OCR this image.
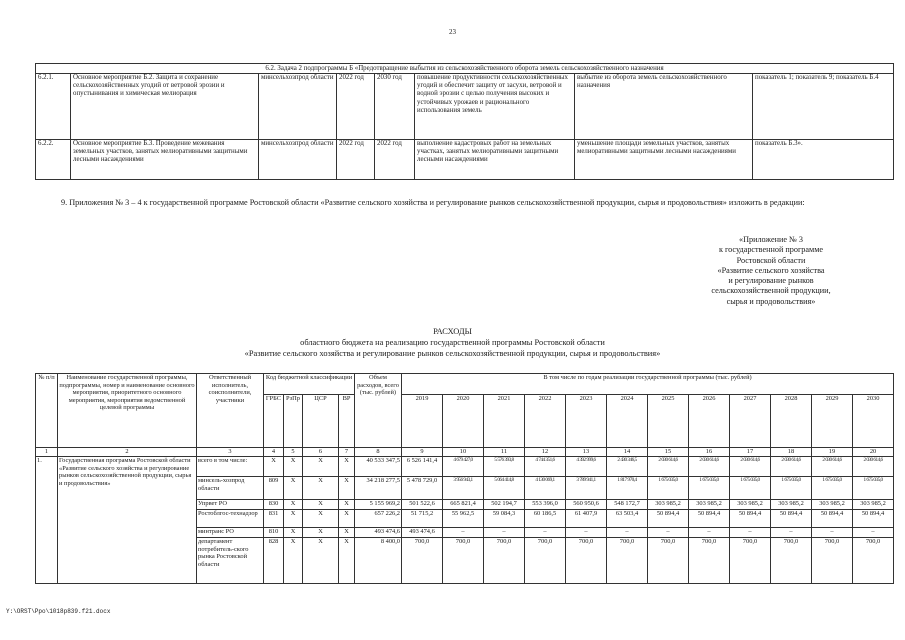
23
6.2. Задача 2 подпрограммы Б «Предотвращение выбытия из сельскохозяйственного оборота земель сельскохозяйственного назначения							
6.2.1.	Основное мероприятие Б.2. Защита и сохранение сельскохозяйственных угодий от ветровой эрозии и опустынивания и химическая мелиорация	минсельхозпрод области	2022 год	2030 год	повышение продуктивности сельскохозяйственных угодий и обеспечит защиту от засухи, ветровой и водной эрозии с целью получения высоких и устойчивых урожаев и рационального использования земель	выбытие из оборота земель сельскохозяйственного назначения	показатель 1; показатель 9; показатель Б.4
6.2.2.	Основное мероприятие Б.3. Проведение межевания земельных участков, занятых мелиоративными защитными лесными насаждениями	минсельхозпрод области	2022 год	2022 год	выполнение кадастровых работ на земельных участках, занятых мелиоративными защитными лесными насаждениями	уменьшение площади земельных участков, занятых мелиоративными защитными лесными насаждениями	показатель Б.3».
9. Приложения № 3 – 4 к государственной программе Ростовской области «Развитие сельского хозяйства и регулирование рынков сельскохозяйственной продукции, сырья и продовольствия» изложить в редакции:
«Приложение № 3
к государственной программе
Ростовской области
«Развитие сельского хозяйства
и регулирование рынков
сельскохозяйственной продукции,
сырья и продовольствия»
РАСХОДЫ
областного бюджета на реализацию государственной программы Ростовской области
«Развитие сельского хозяйства и регулирование рынков сельскохозяйственной продукции, сырья и продовольствия»
№ п/п	Наименование государственной программы, подпрограммы, номер и наименование основного мероприятия, приоритетного основного мероприятия, мероприятия ведомственной целевой программы	Ответственный исполнитель, соисполнители, участники	Код бюджетной классификации				Объем расходов, всего (тыс. рублей)	В том числе по годам реализации государственной программы (тыс. рублей)											
			ГРБС	РзПр	ЦСР	ВР		2019	2020	2021	2022	2023	2024	2025	2026	2027	2028	2029	2030
1	2	3	4	5	6	7	8	9	10	11	12	13	14	15	16	17	18	19	20
1.	Государственная программа Ростовской области «Развитие сельского хозяйства и регулирование рынков сельскохозяйственной продукции, сырья и продовольствия»	всего в том числе:	X	X	X	X	40 533 347,5	6 526 141,4	4 679 427,0	5 576 393,8	4 744 351,6	4 392 999,6	2 430 346,5	2 030 614,6	2 030 614,6	2 030 614,6	2 030 614,6	2 030 614,6	2 030 614,6
		минсель-хозпрод области	809	X	X	X	34 218 277,5	5 478 729,0	3 956 943,1	5 064 414,8	4 130 069,1	3 789 941,1	1 817 970,4	1 675 035,0	1 675 035,0	1 675 035,0	1 675 035,0	1 675 035,0	1 675 035,0
		Упрвет РО	830	X	X	X	5 155 969,2	501 522,6	665 821,4	502 194,7	553 396,0	560 950,6	548 172,7	303 985,2	303 985,2	303 985,2	303 985,2	303 985,2	303 985,2
		Ростоблгос-технадзор	831	X	X	X	657 226,2	51 715,2	55 962,5	59 084,3	60 186,5	61 407,9	63 503,4	50 894,4	50 894,4	50 894,4	50 894,4	50 894,4	50 894,4
		минтранс РО	810	X	X	X	493 474,6	493 474,6	–	–	–	–	–	–	–	–	–	–	–
		департамент потребитель-ского рынка Ростовской области	828	X	X	X	8 400,0	700,0	700,0	700,0	700,0	700,0	700,0	700,0	700,0	700,0	700,0	700,0	700,0
Y:\ORST\Ppo\1018p839.f21.docx
